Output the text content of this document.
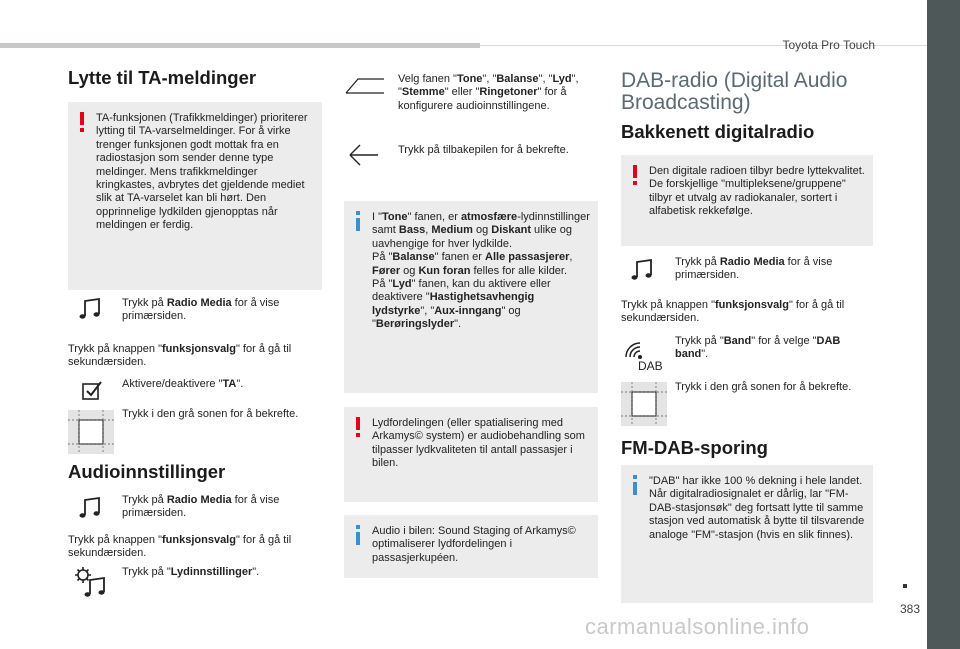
Toyota Pro Touch
Lytte til TA-meldinger
TA-funksjonen (Trafikkmeldinger) prioriterer lytting til TA-varselmeldinger. For å virke trenger funksjonen godt mottak fra en radiostasjon som sender denne type meldinger. Mens trafikkmeldinger kringkastes, avbrytes det gjeldende mediet slik at TA-varselet kan bli hørt. Den opprinnelige lydkilden gjenopptas når meldingen er ferdig.
Trykk på Radio Media for å vise primærsiden.
Trykk på knappen "funksjonsvalg" for å gå til sekundærsiden.
Aktivere/deaktivere "TA".
Trykk i den grå sonen for å bekrefte.
Audioinnstillinger
Trykk på Radio Media for å vise primærsiden.
Trykk på knappen "funksjonsvalg" for å gå til sekundærsiden.
Trykk på "Lydinnstillinger".
Velg fanen "Tone", "Balanse", "Lyd", "Stemme" eller "Ringetoner" for å konfigurere audioinnstillingene.
Trykk på tilbakepilen for å bekrefte.
I "Tone" fanen, er atmosfære-lydinnstillinger samt Bass, Medium og Diskant ulike og uavhengige for hver lydkilde.
På "Balanse" fanen er Alle passasjerer, Fører og Kun foran felles for alle kilder.
På "Lyd" fanen, kan du aktivere eller deaktivere "Hastighetsavhengig lydstyrke", "Aux-inngang" og "Berøringslyder".
Lydfordelingen (eller spatialisering med Arkamys© system) er audiobehandling som tilpasser lydkvaliteten til antall passasjer i bilen.
Audio i bilen: Sound Staging of Arkamys© optimaliserer lydfordelingen i passasjerkupéen.
DAB-radio (Digital Audio Broadcasting)
Bakkenett digitalradio
Den digitale radioen tilbyr bedre lyttekvalitet. De forskjellige "multipleksene/gruppene" tilbyr et utvalg av radiokanaler, sortert i alfabetisk rekkefølge.
Trykk på Radio Media for å vise primærsiden.
Trykk på knappen "funksjonsvalg" for å gå til sekundærsiden.
DAB
Trykk på "Band" for å velge "DAB band".
Trykk i den grå sonen for å bekrefte.
FM-DAB-sporing
"DAB" har ikke 100 % dekning i hele landet. Når digitalradiosignalet er dårlig, lar "FM-DAB-stasjonsøk" deg fortsatt lytte til samme stasjon ved automatisk å bytte til tilsvarende analoge "FM"-stasjon (hvis en slik finnes).
383
carmanualsonline.info
